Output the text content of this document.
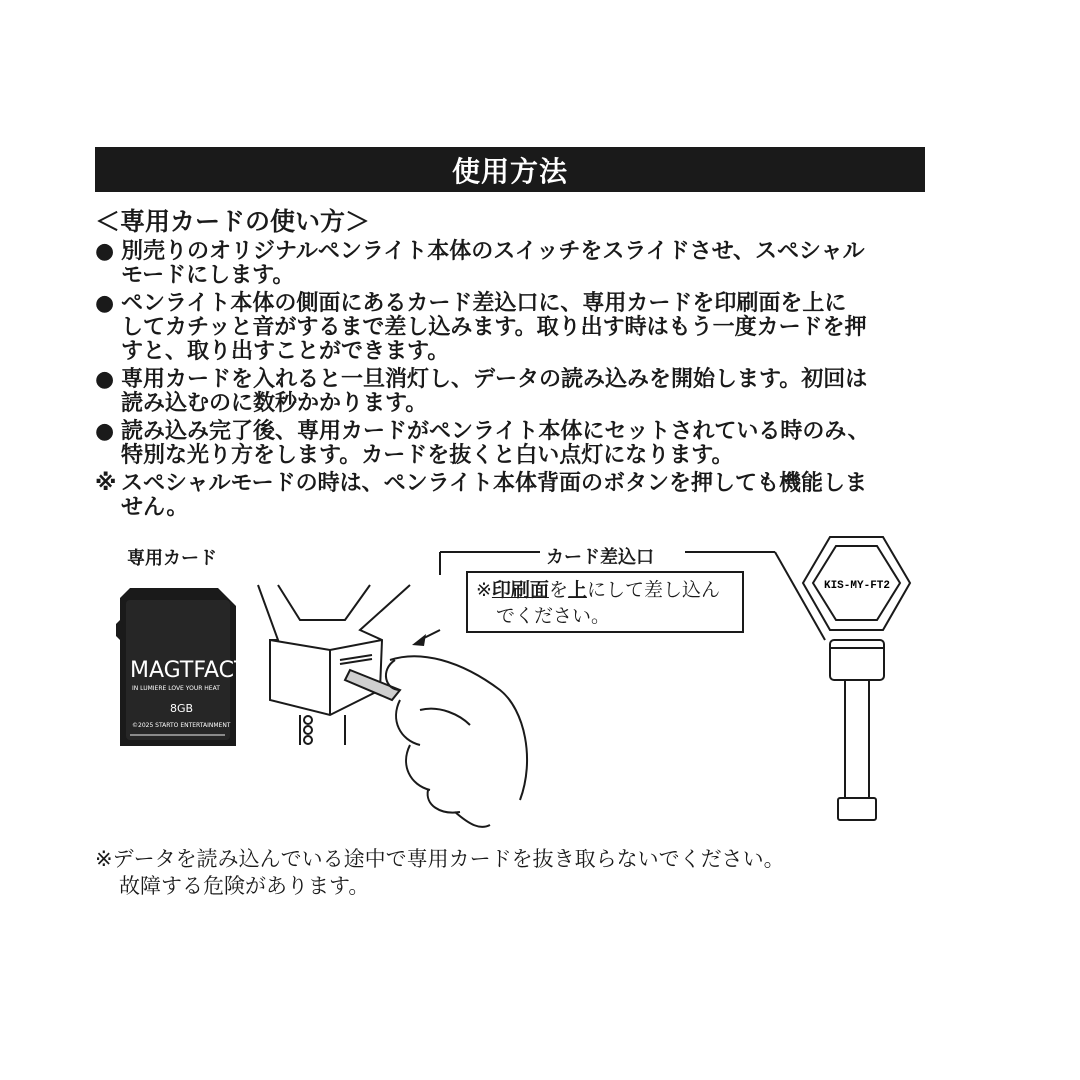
使用方法
＜専用カードの使い方＞
● 別売りのオリジナルペンライト本体のスイッチをスライドさせ、スペシャル
モードにします。
● ペンライト本体の側面にあるカード差込口に、専用カードを印刷面を上に
してカチッと音がするまで差し込みます。取り出す時はもう一度カードを押
すと、取り出すことができます。
● 専用カードを入れると一旦消灯し、データの読み込みを開始します。初回は
読み込むのに数秒かかります。
● 読み込み完了後、専用カードがペンライト本体にセットされている時のみ、
特別な光り方をします。カードを抜くと白い点灯になります。
※ スペシャルモードの時は、ペンライト本体背面のボタンを押しても機能しま
せん。
専用カード	カード差込口
MAGTFACT
IN LUMIERE LOVE YOUR HEAT
8GB
©2025 STARTO ENTERTAINMENT
KIS-MY-FT2
※印刷面を上にして差し込ん
でください。
※データを読み込んでいる途中で専用カードを抜き取らないでください。
故障する危険があります。
